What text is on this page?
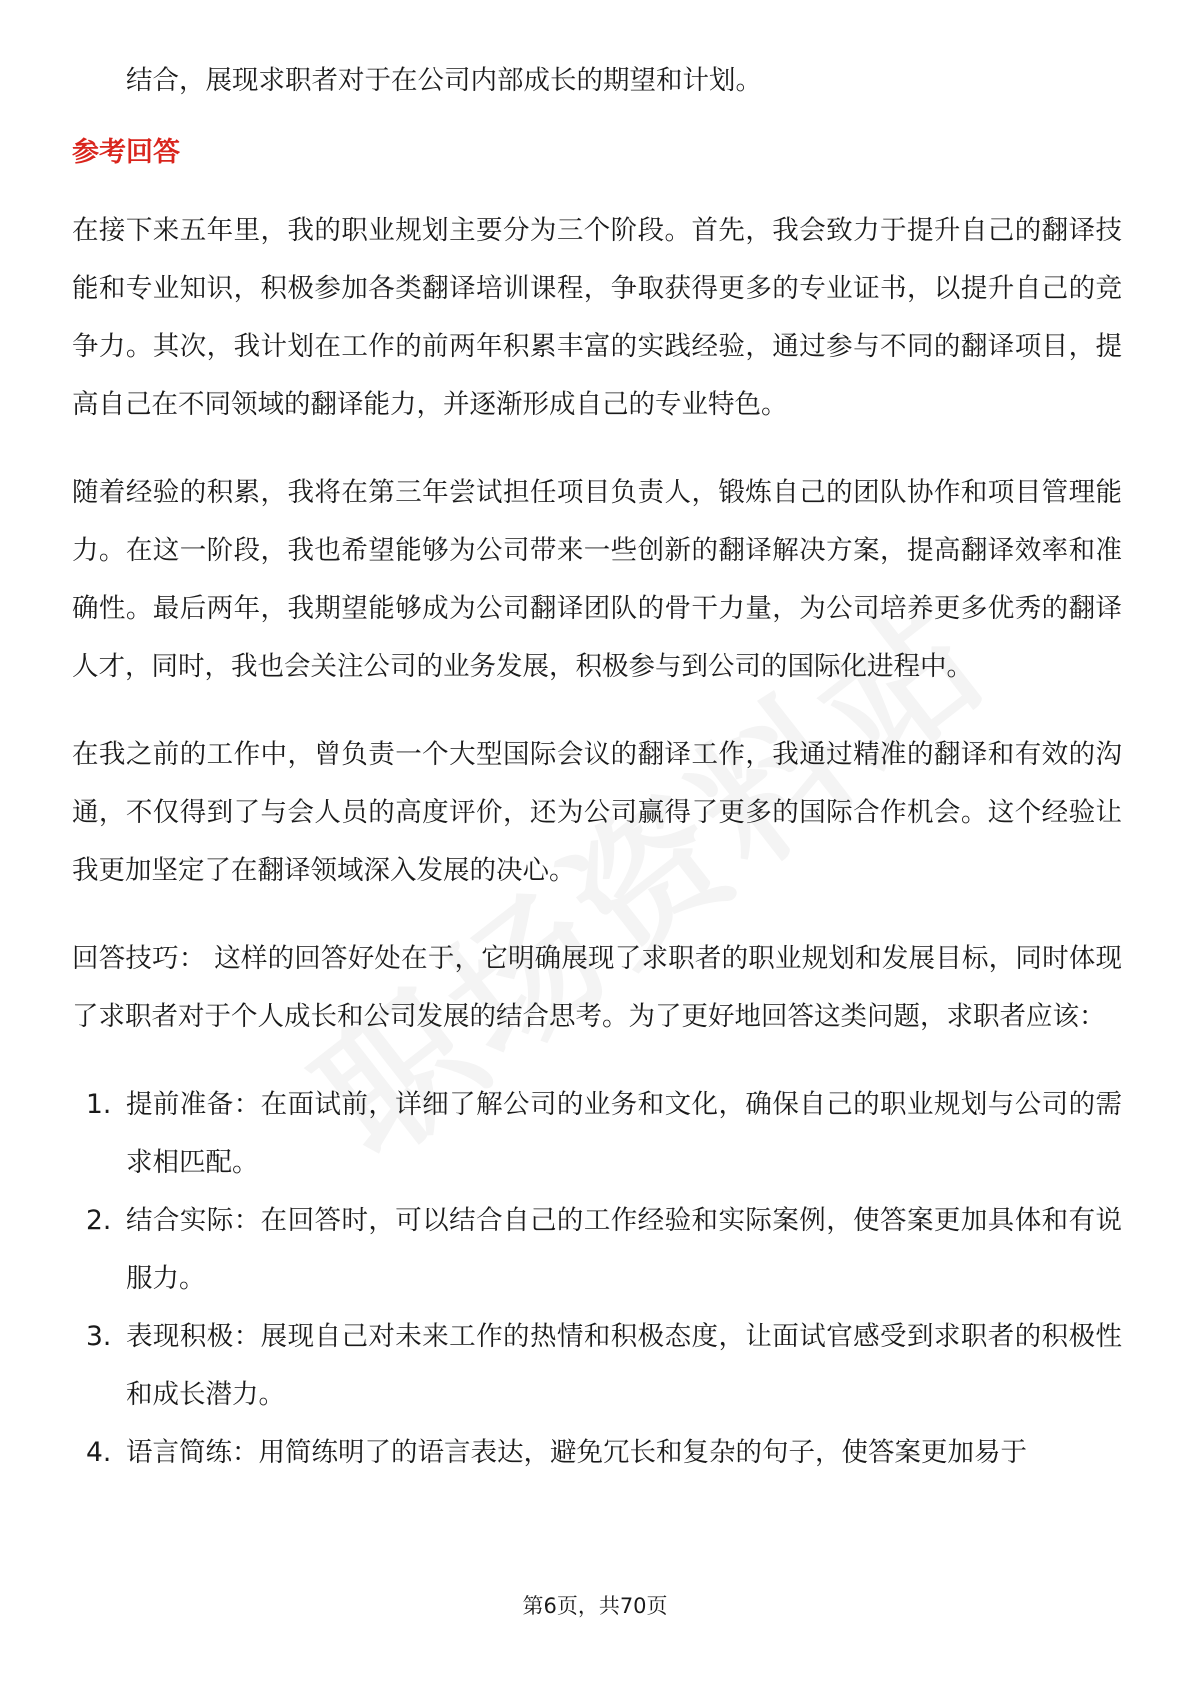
结合，展现求职者对于在公司内部成长的期望和计划。

参考回答

在接下来五年里，我的职业规划主要分为三个阶段。首先，我会致力于提升自己的翻译技能和专业知识，积极参加各类翻译培训课程，争取获得更多的专业证书，以提升自己的竞争力。其次，我计划在工作的前两年积累丰富的实践经验，通过参与不同的翻译项目，提高自己在不同领域的翻译能力，并逐渐形成自己的专业特色。

随着经验的积累，我将在第三年尝试担任项目负责人，锻炼自己的团队协作和项目管理能力。在这一阶段，我也希望能够为公司带来一些创新的翻译解决方案，提高翻译效率和准确性。最后两年，我期望能够成为公司翻译团队的骨干力量，为公司培养更多优秀的翻译人才，同时，我也会关注公司的业务发展，积极参与到公司的国际化进程中。

在我之前的工作中，曾负责一个大型国际会议的翻译工作，我通过精准的翻译和有效的沟通，不仅得到了与会人员的高度评价，还为公司赢得了更多的国际合作机会。这个经验让我更加坚定了在翻译领域深入发展的决心。

回答技巧： 这样的回答好处在于，它明确展现了求职者的职业规划和发展目标，同时体现了求职者对于个人成长和公司发展的结合思考。为了更好地回答这类问题，求职者应该：

1. 提前准备：在面试前，详细了解公司的业务和文化，确保自己的职业规划与公司的需求相匹配。
2. 结合实际：在回答时，可以结合自己的工作经验和实际案例，使答案更加具体和有说服力。
3. 表现积极：展现自己对未来工作的热情和积极态度，让面试官感受到求职者的积极性和成长潜力。
4. 语言简练：用简练明了的语言表达，避免冗长和复杂的句子，使答案更加易于
第6页，共70页
